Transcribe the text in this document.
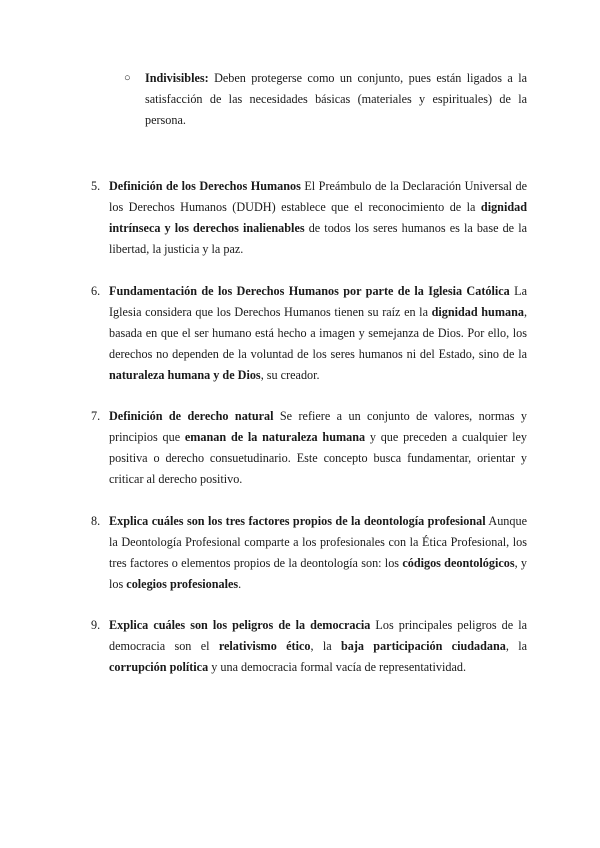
○ Indivisibles: Deben protegerse como un conjunto, pues están ligados a la satisfacción de las necesidades básicas (materiales y espirituales) de la persona.
5. Definición de los Derechos Humanos El Preámbulo de la Declaración Universal de los Derechos Humanos (DUDH) establece que el reconocimiento de la dignidad intrínseca y los derechos inalienables de todos los seres humanos es la base de la libertad, la justicia y la paz.
6. Fundamentación de los Derechos Humanos por parte de la Iglesia Católica La Iglesia considera que los Derechos Humanos tienen su raíz en la dignidad humana, basada en que el ser humano está hecho a imagen y semejanza de Dios. Por ello, los derechos no dependen de la voluntad de los seres humanos ni del Estado, sino de la naturaleza humana y de Dios, su creador.
7. Definición de derecho natural Se refiere a un conjunto de valores, normas y principios que emanan de la naturaleza humana y que preceden a cualquier ley positiva o derecho consuetudinario. Este concepto busca fundamentar, orientar y criticar al derecho positivo.
8. Explica cuáles son los tres factores propios de la deontología profesional Aunque la Deontología Profesional comparte a los profesionales con la Ética Profesional, los tres factores o elementos propios de la deontología son: los códigos deontológicos, y los colegios profesionales.
9. Explica cuáles son los peligros de la democracia Los principales peligros de la democracia son el relativismo ético, la baja participación ciudadana, la corrupción política y una democracia formal vacía de representatividad.
